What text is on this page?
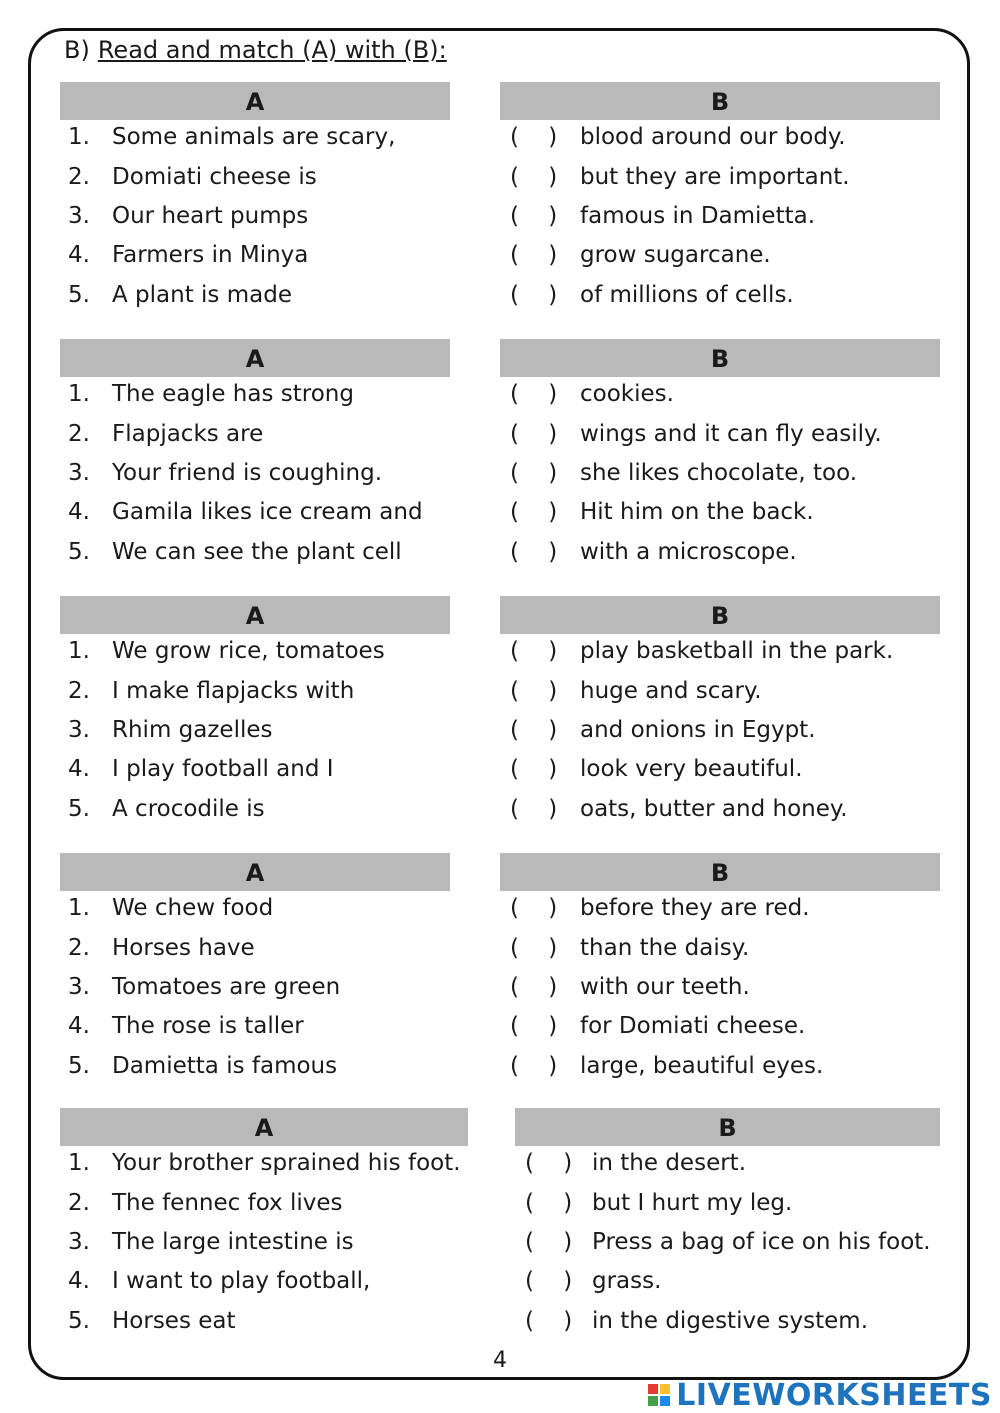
B) Read and match (A) with (B):
A	B
1. Some animals are scary,	(    ) blood around our body.
2. Domiati cheese is	(    ) but they are important.
3. Our heart pumps	(    ) famous in Damietta.
4. Farmers in Minya	(    ) grow sugarcane.
5. A plant is made	(    ) of millions of cells.
A	B
1. The eagle has strong	(    ) cookies.
2. Flapjacks are	(    ) wings and it can fly easily.
3. Your friend is coughing.	(    ) she likes chocolate, too.
4. Gamila likes ice cream and	(    ) Hit him on the back.
5. We can see the plant cell	(    ) with a microscope.
A	B
1. We grow rice, tomatoes	(    ) play basketball in the park.
2. I make flapjacks with	(    ) huge and scary.
3. Rhim gazelles	(    ) and onions in Egypt.
4. I play football and I	(    ) look very beautiful.
5. A crocodile is	(    ) oats, butter and honey.
A	B
1. We chew food	(    ) before they are red.
2. Horses have	(    ) than the daisy.
3. Tomatoes are green	(    ) with our teeth.
4. The rose is taller	(    ) for Domiati cheese.
5. Damietta is famous	(    ) large, beautiful eyes.
A	B
1. Your brother sprained his foot.	(    ) in the desert.
2. The fennec fox lives	(    ) but I hurt my leg.
3. The large intestine is	(    ) Press a bag of ice on his foot.
4. I want to play football,	(    ) grass.
5. Horses eat	(    ) in the digestive system.
4
LIVEWORKSHEETS
